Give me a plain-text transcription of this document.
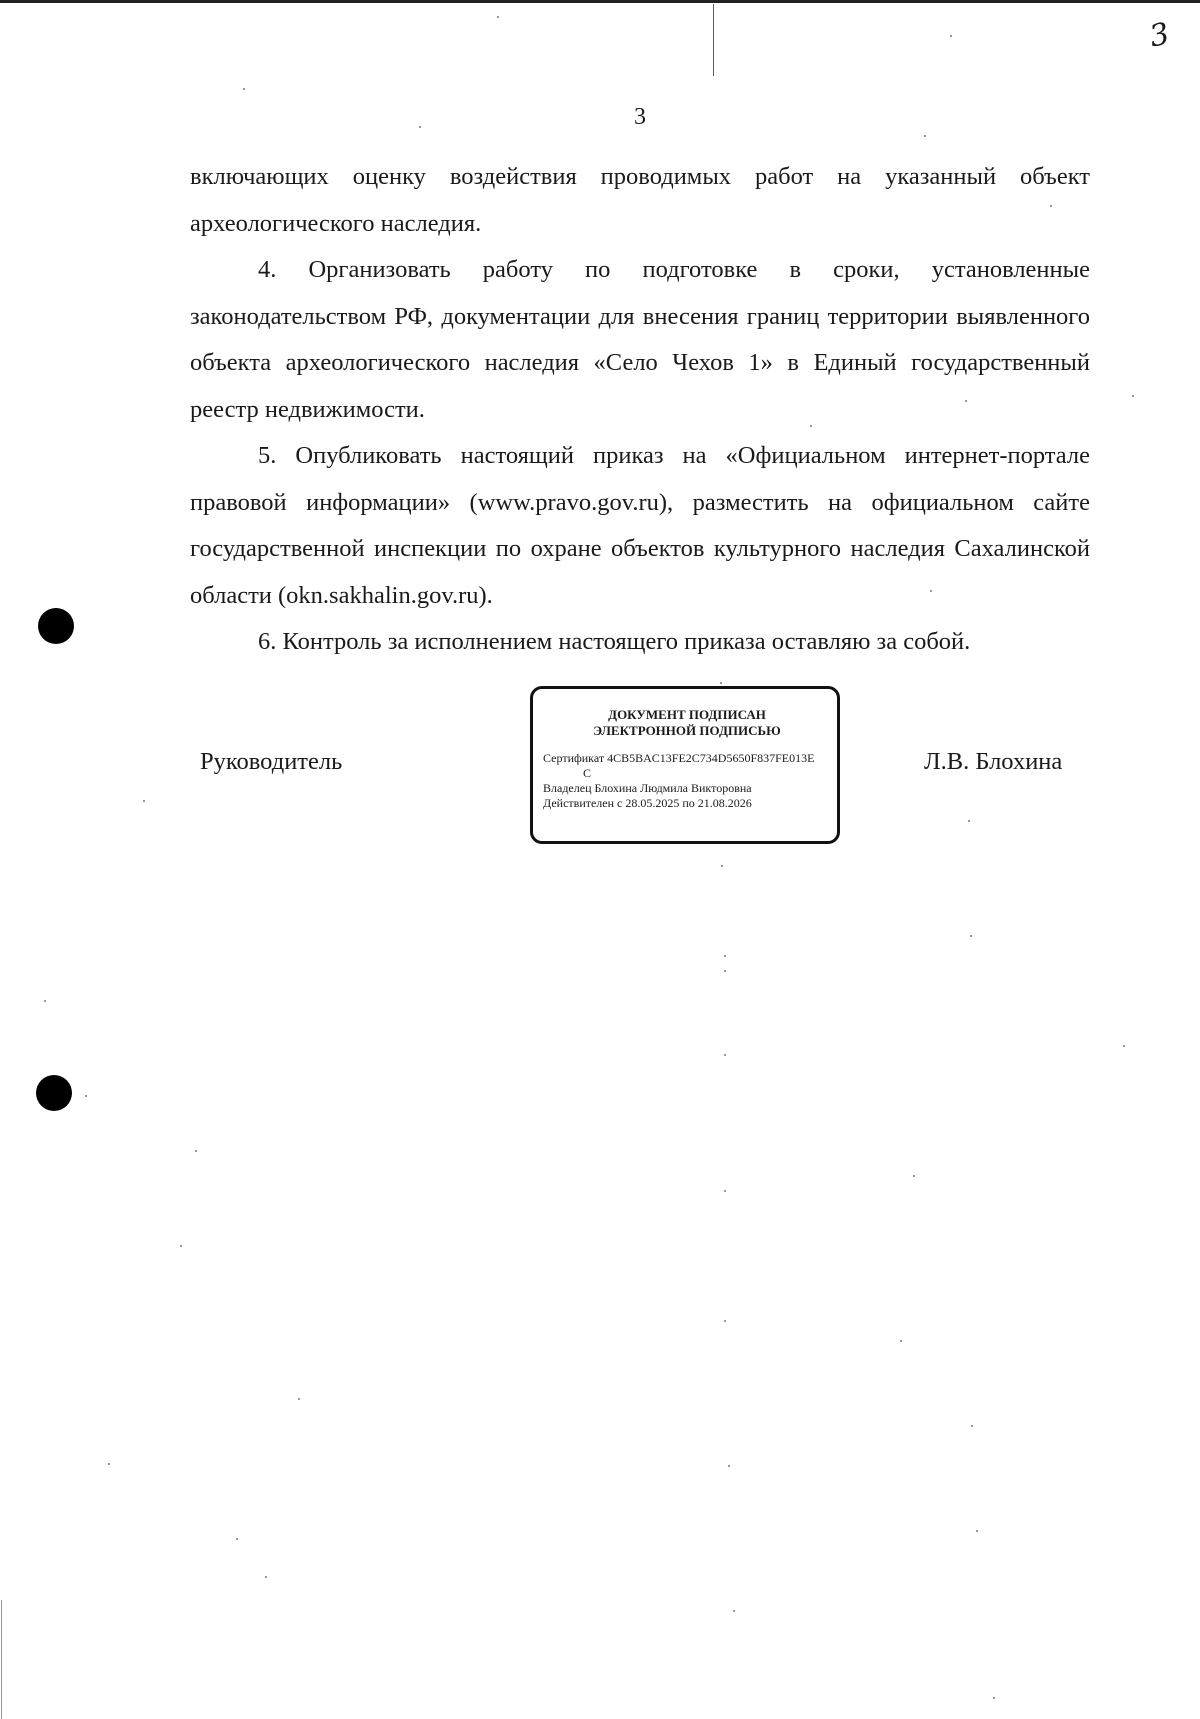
3
3

включающих оценку воздействия проводимых работ на указанный объект археологического наследия.

4. Организовать работу по подготовке в сроки, установленные законодательством РФ, документации для внесения границ территории выявленного объекта археологического наследия «Село Чехов 1» в Единый государственный реестр недвижимости.

5. Опубликовать настоящий приказ на «Официальном интернет-портале правовой информации» (www.pravo.gov.ru), разместить на официальном сайте государственной инспекции по охране объектов культурного наследия Сахалинской области (okn.sakhalin.gov.ru).

6. Контроль за исполнением настоящего приказа оставляю за собой.

Руководитель
ДОКУМЕНТ ПОДПИСАН
ЭЛЕКТРОННОЙ ПОДПИСЬЮ
Сертификат 4CB5BAC13FE2C734D5650F837FE013E
C
Владелец Блохина Людмила Викторовна
Действителен с 28.05.2025 по 21.08.2026
Л.В. Блохина
